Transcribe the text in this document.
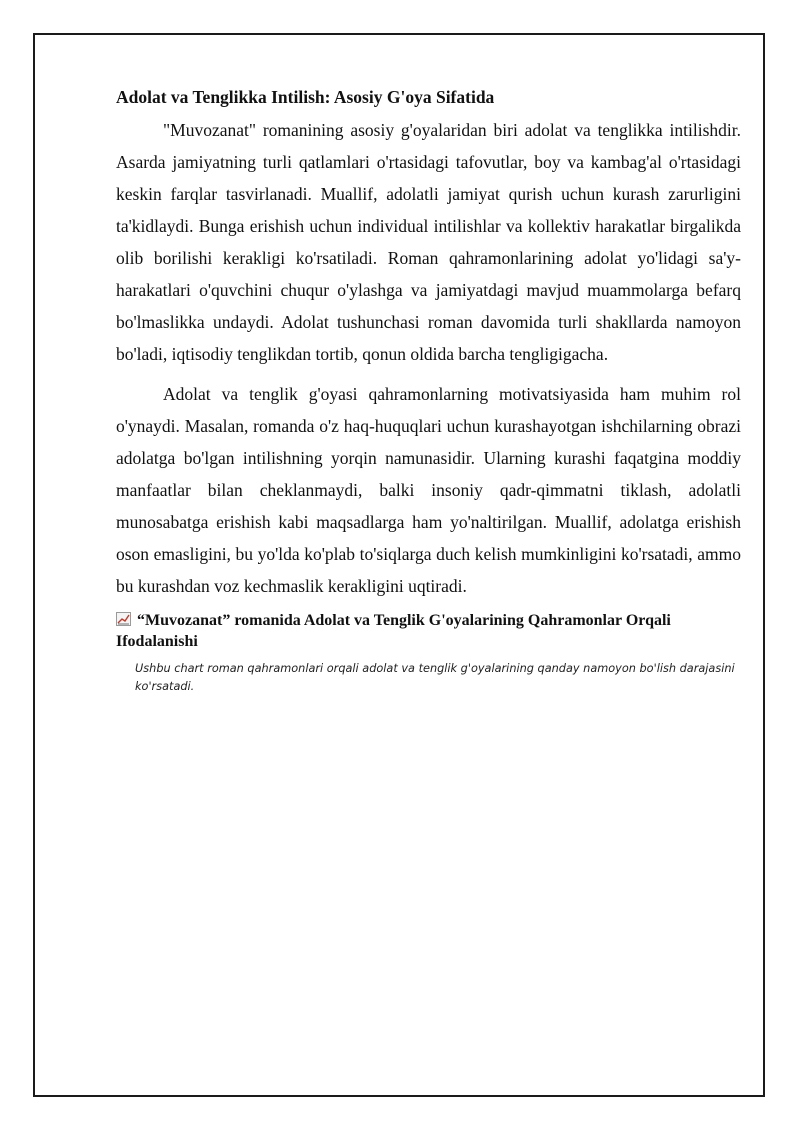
Adolat va Tenglikka Intilish: Asosiy G'oya Sifatida

"Muvozanat" romanining asosiy g'oyalaridan biri adolat va tenglikka intilishdir. Asarda jamiyatning turli qatlamlari o'rtasidagi tafovutlar, boy va kambag'al o'rtasidagi keskin farqlar tasvirlanadi. Muallif, adolatli jamiyat qurish uchun kurash zarurligini ta'kidlaydi. Bunga erishish uchun individual intilishlar va kollektiv harakatlar birgalikda olib borilishi kerakligi ko'rsatiladi. Roman qahramonlarining adolat yo'lidagi sa'y-harakatlari o'quvchini chuqur o'ylashga va jamiyatdagi mavjud muammolarga befarq bo'lmaslikka undaydi. Adolat tushunchasi roman davomida turli shakllarda namoyon bo'ladi, iqtisodiy tenglikdan tortib, qonun oldida barcha tengligigacha.

Adolat va tenglik g'oyasi qahramonlarning motivatsiyasida ham muhim rol o'ynaydi. Masalan, romanda o'z haq-huquqlari uchun kurashayotgan ishchilarning obrazi adolatga bo'lgan intilishning yorqin namunasidir. Ularning kurashi faqatgina moddiy manfaatlar bilan cheklanmaydi, balki insoniy qadr-qimmatni tiklash, adolatli munosabatga erishish kabi maqsadlarga ham yo'naltirilgan. Muallif, adolatga erishish oson emasligini, bu yo'lda ko'plab to'siqlarga duch kelish mumkinligini ko'rsatadi, ammo bu kurashdan voz kechmaslik kerakligini uqtiradi.

“Muvozanat” romanida Adolat va Tenglik G'oyalarining Qahramonlar Orqali Ifodalanishi
Ushbu chart roman qahramonlari orqali adolat va tenglik g'oyalarining qanday namoyon bo'lish darajasini ko'rsatadi.
